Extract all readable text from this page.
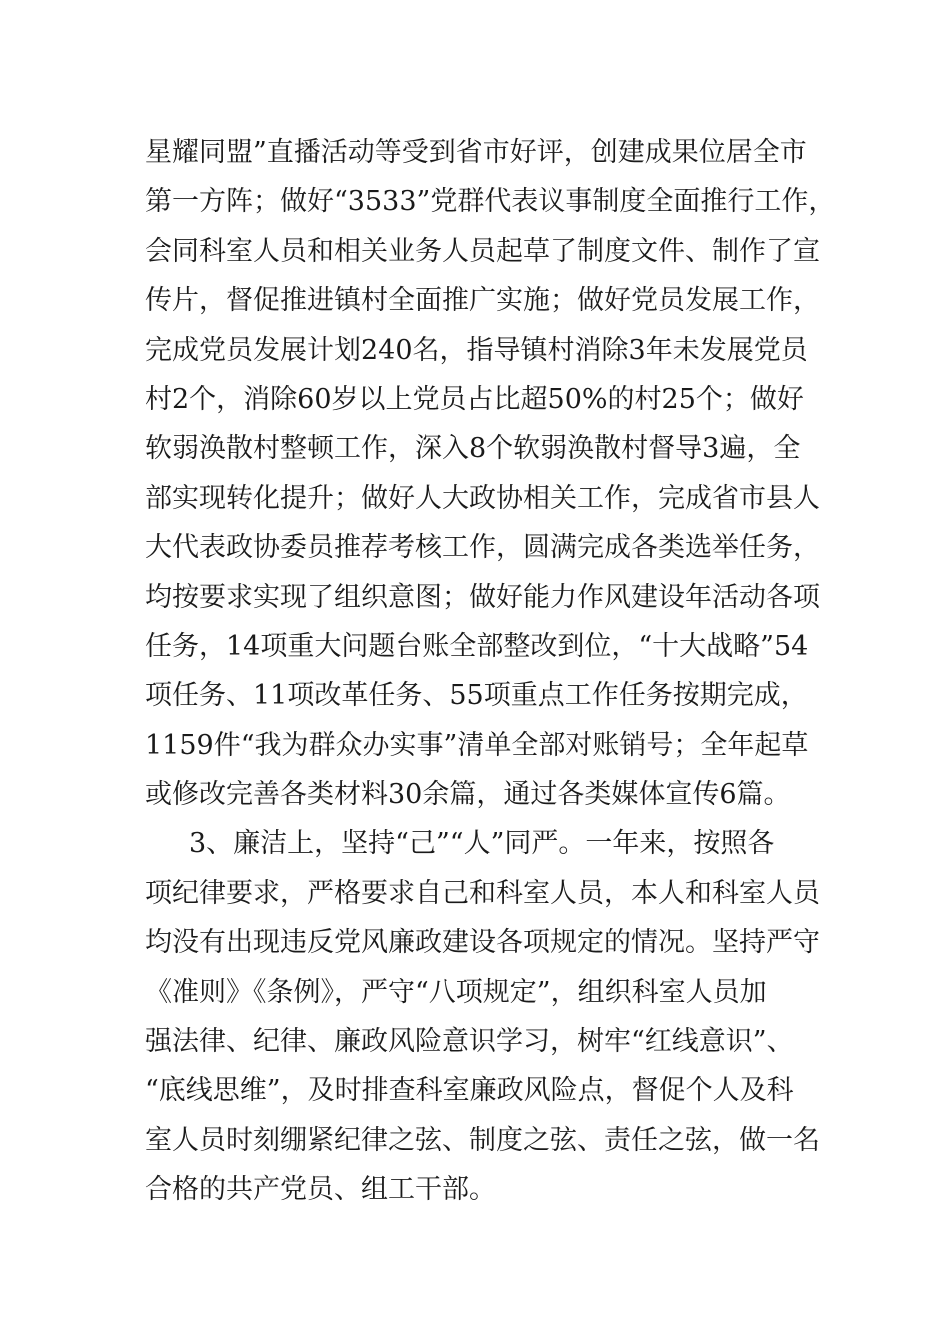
星耀同盟”直播活动等受到省市好评，创建成果位居全市
第一方阵；做好“3533”党群代表议事制度全面推行工作，
会同科室人员和相关业务人员起草了制度文件、制作了宣
传片，督促推进镇村全面推广实施；做好党员发展工作，
完成党员发展计划240名，指导镇村消除3年未发展党员
村2个，消除60岁以上党员占比超50%的村25个；做好
软弱涣散村整顿工作，深入8个软弱涣散村督导3遍，全
部实现转化提升；做好人大政协相关工作，完成省市县人
大代表政协委员推荐考核工作，圆满完成各类选举任务，
均按要求实现了组织意图；做好能力作风建设年活动各项
任务，14项重大问题台账全部整改到位，“十大战略”54
项任务、11项改革任务、55项重点工作任务按期完成，
1159件“我为群众办实事”清单全部对账销号；全年起草
或修改完善各类材料30余篇，通过各类媒体宣传6篇。
3、廉洁上，坚持“己”“人”同严。一年来，按照各
项纪律要求，严格要求自己和科室人员，本人和科室人员
均没有出现违反党风廉政建设各项规定的情况。坚持严守
《准则》《条例》，严守“八项规定”，组织科室人员加
强法律、纪律、廉政风险意识学习，树牢“红线意识”、
“底线思维”，及时排查科室廉政风险点，督促个人及科
室人员时刻绷紧纪律之弦、制度之弦、责任之弦，做一名
合格的共产党员、组工干部。
